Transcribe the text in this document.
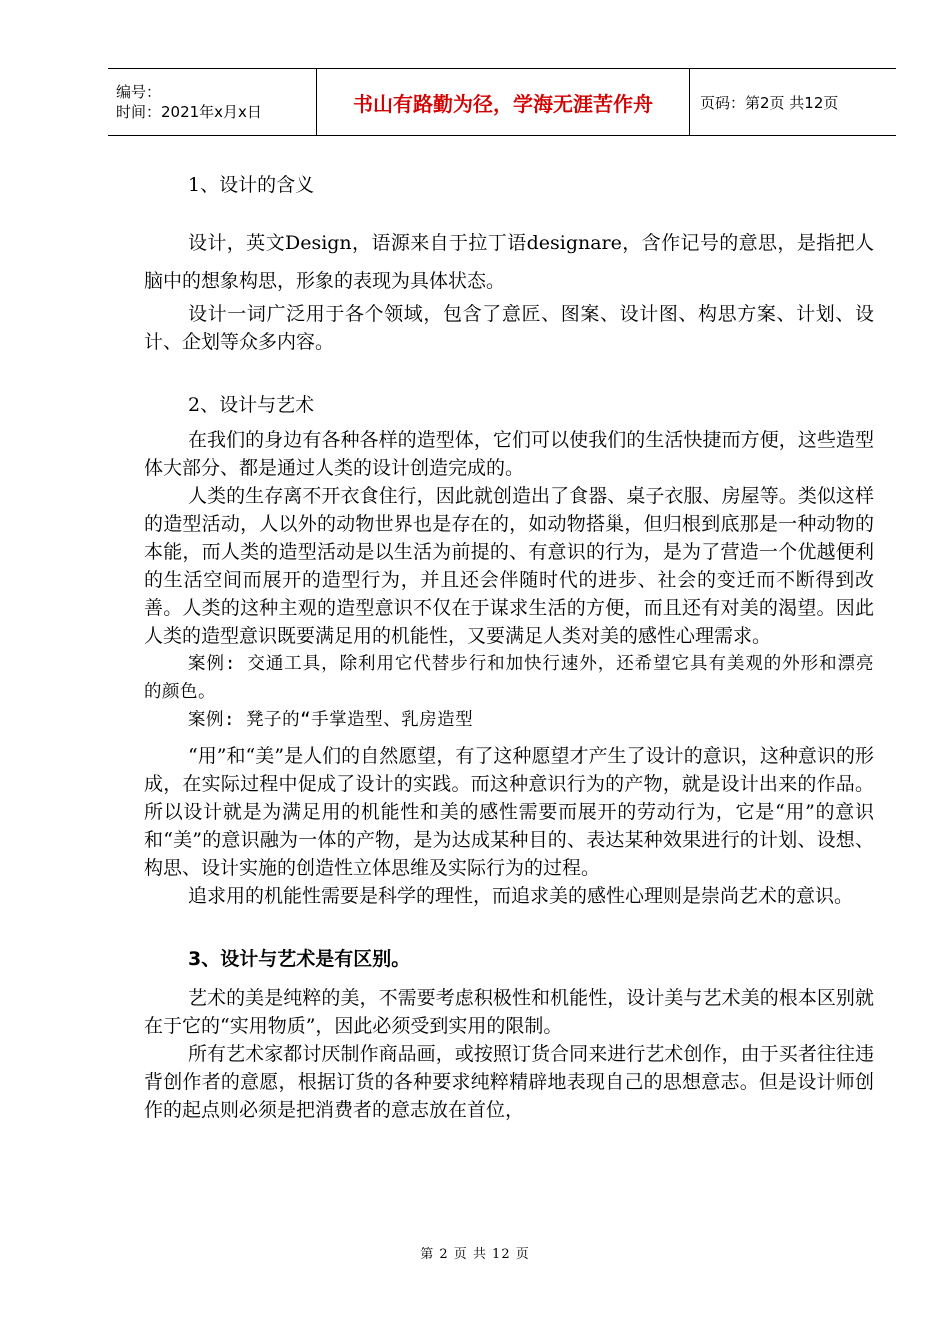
编号：
时间：2021年x月x日	书山有路勤为径，学海无涯苦作舟	页码：第2页 共12页

1、设计的含义

设计，英文Design，语源来自于拉丁语designare，含作记号的意思，是指把人脑中的想象构思，形象的表现为具体状态。

设计一词广泛用于各个领域，包含了意匠、图案、设计图、构思方案、计划、设计、企划等众多内容。

2、设计与艺术

在我们的身边有各种各样的造型体，它们可以使我们的生活快捷而方便，这些造型体大部分、都是通过人类的设计创造完成的。

人类的生存离不开衣食住行，因此就创造出了食器、桌子衣服、房屋等。类似这样的造型活动，人以外的动物世界也是存在的，如动物搭巢，但归根到底那是一种动物的本能，而人类的造型活动是以生活为前提的、有意识的行为，是为了营造一个优越便利的生活空间而展开的造型行为，并且还会伴随时代的进步、社会的变迁而不断得到改善。人类的这种主观的造型意识不仅在于谋求生活的方便，而且还有对美的渴望。因此人类的造型意识既要满足用的机能性，又要满足人类对美的感性心理需求。

案例: 交通工具，除利用它代替步行和加快行速外，还希望它具有美观的外形和漂亮的颜色。

案例: 凳子的“手掌造型、乳房造型

“用”和“美”是人们的自然愿望，有了这种愿望才产生了设计的意识，这种意识的形成，在实际过程中促成了设计的实践。而这种意识行为的产物，就是设计出来的作品。所以设计就是为满足用的机能性和美的感性需要而展开的劳动行为，它是“用”的意识和“美”的意识融为一体的产物，是为达成某种目的、表达某种效果进行的计划、设想、构思、设计实施的创造性立体思维及实际行为的过程。

追求用的机能性需要是科学的理性，而追求美的感性心理则是崇尚艺术的意识。

3、设计与艺术是有区别。

艺术的美是纯粹的美，不需要考虑积极性和机能性，设计美与艺术美的根本区别就在于它的“实用物质”，因此必须受到实用的限制。

所有艺术家都讨厌制作商品画，或按照订货合同来进行艺术创作，由于买者往往违背创作者的意愿，根据订货的各种要求纯粹精辟地表现自己的思想意志。但是设计师创作的起点则必须是把消费者的意志放在首位，

第 2 页 共 12 页
